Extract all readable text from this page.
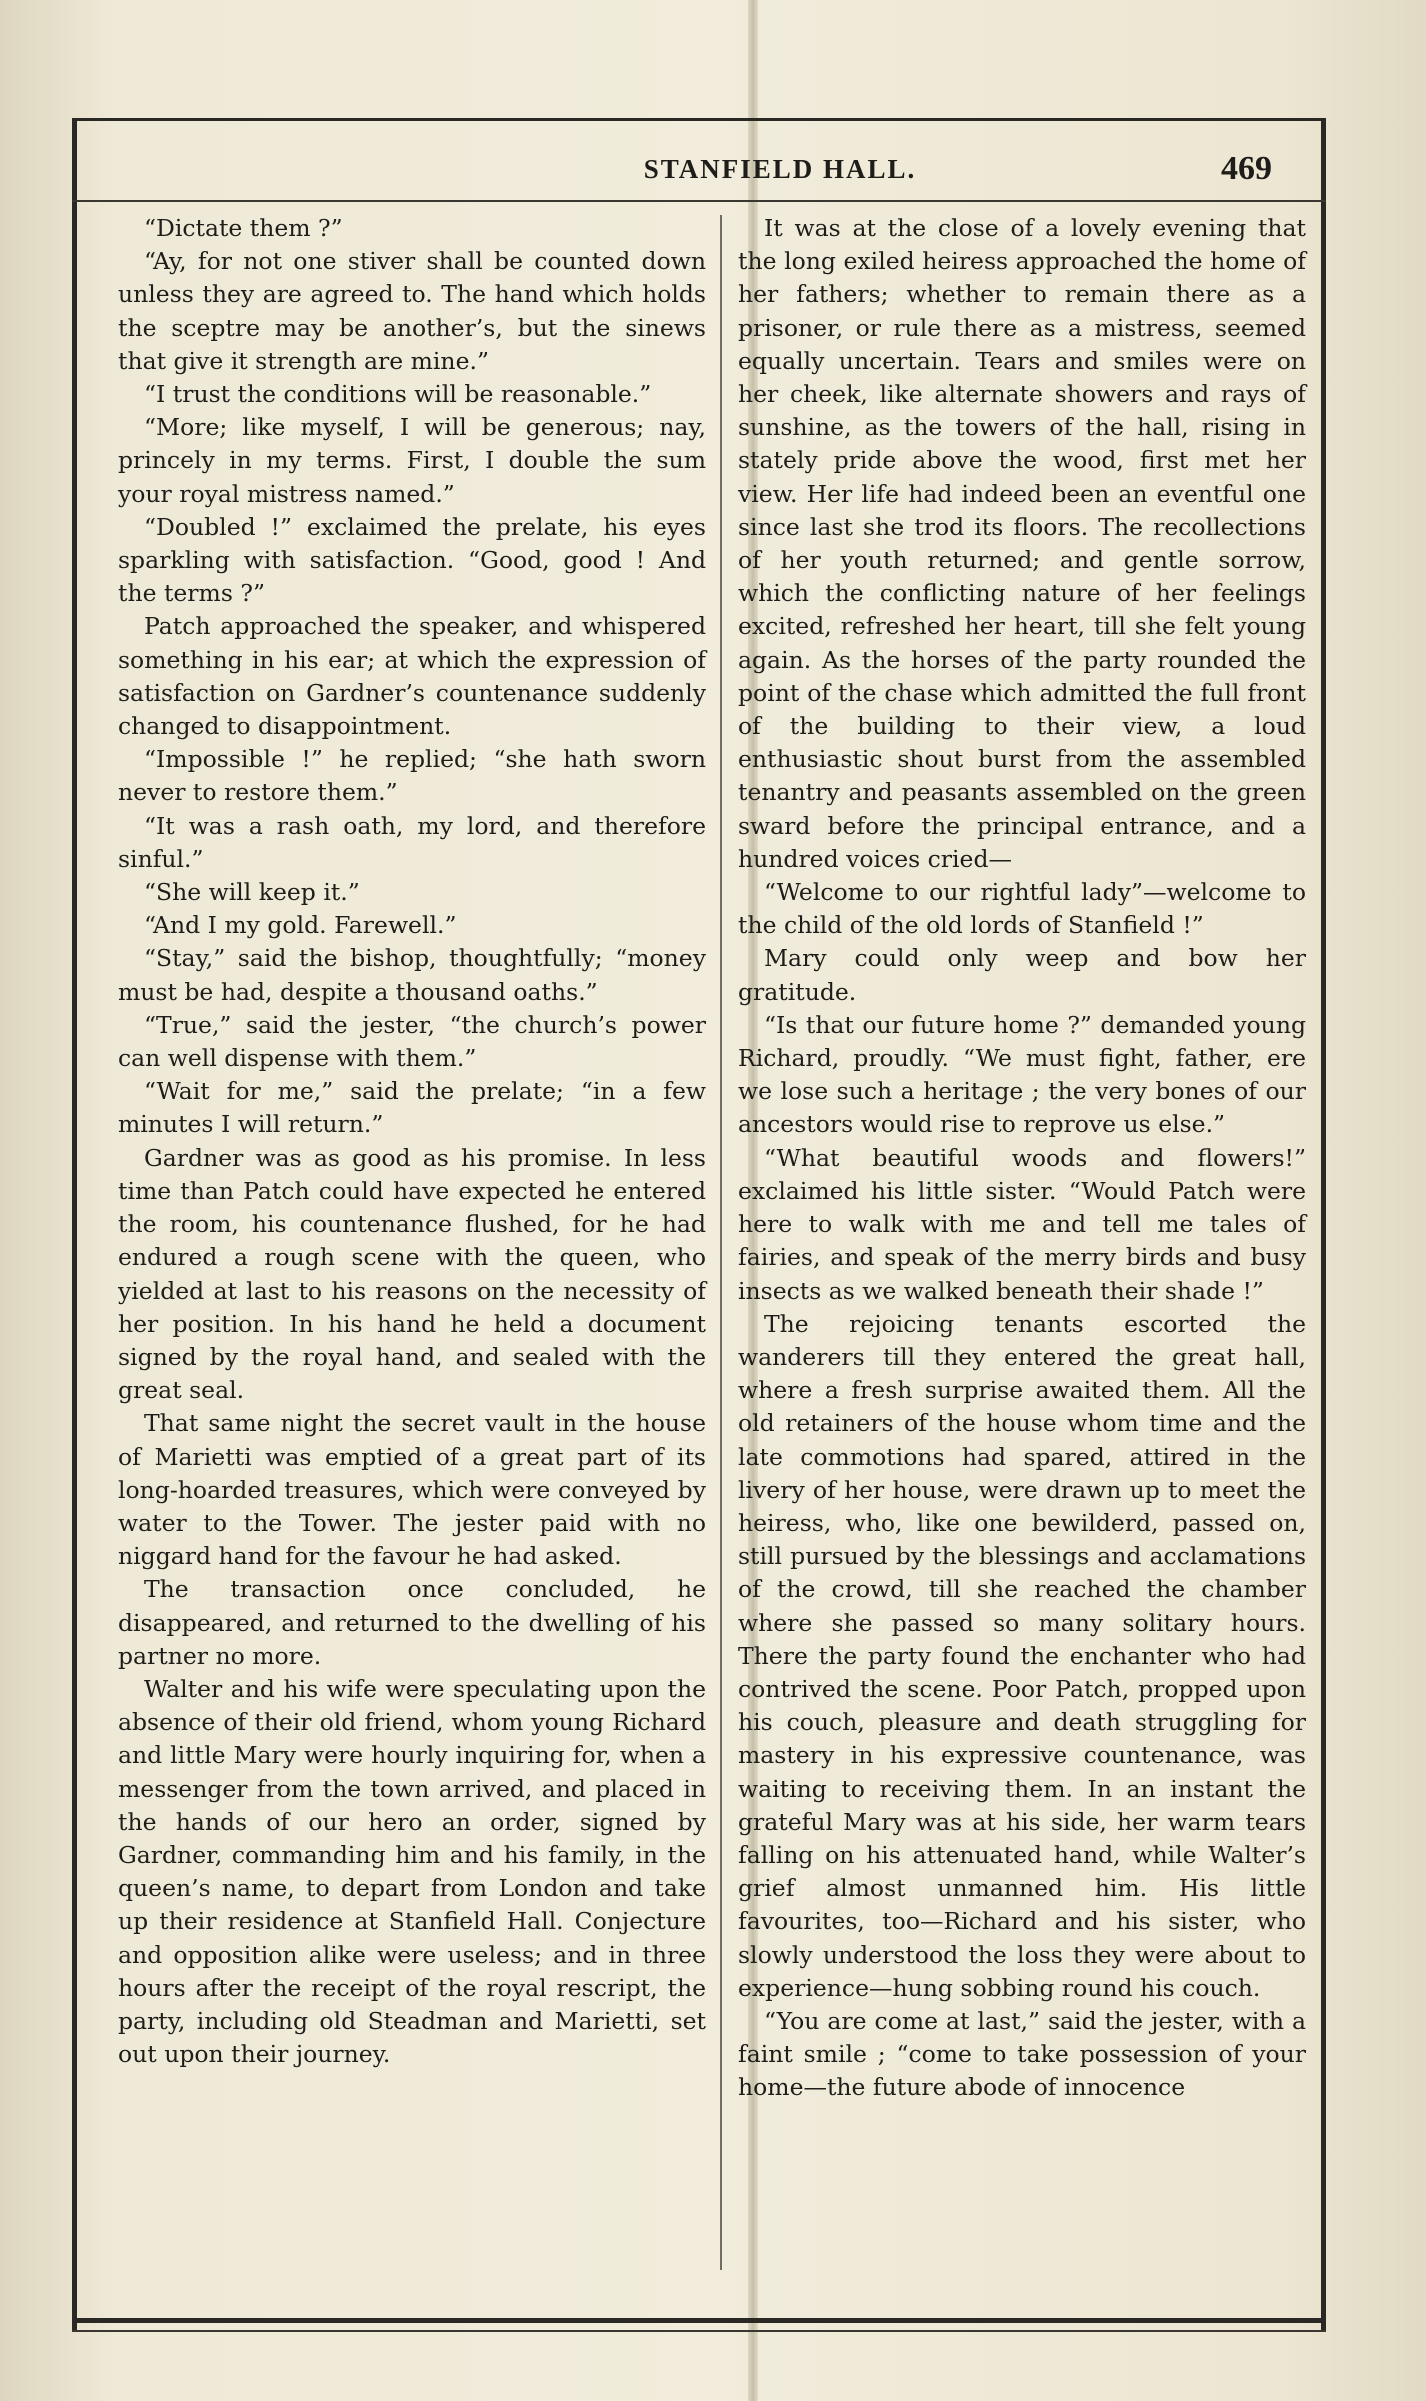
STANFIELD HALL.	469

“Dictate them ?”

“Ay, for not one stiver shall be counted down unless they are agreed to. The hand which holds the sceptre may be another’s, but the sinews that give it strength are mine.”

“I trust the conditions will be reasonable.”

“More; like myself, I will be generous; nay, princely in my terms. First, I double the sum your royal mistress named.”

“Doubled !” exclaimed the prelate, his eyes sparkling with satisfaction. “Good, good ! And the terms ?”

Patch approached the speaker, and whispered something in his ear; at which the expression of satisfaction on Gardner’s countenance suddenly changed to disappointment.

“Impossible !” he replied; “she hath sworn never to restore them.”

“It was a rash oath, my lord, and therefore sinful.”

“She will keep it.”

“And I my gold. Farewell.”

“Stay,” said the bishop, thoughtfully; “money must be had, despite a thousand oaths.”

“True,” said the jester, “the church’s power can well dispense with them.”

“Wait for me,” said the prelate; “in a few minutes I will return.”

Gardner was as good as his promise. In less time than Patch could have expected he entered the room, his countenance flushed, for he had endured a rough scene with the queen, who yielded at last to his reasons on the necessity of her position. In his hand he held a document signed by the royal hand, and sealed with the great seal.

That same night the secret vault in the house of Marietti was emptied of a great part of its long-hoarded treasures, which were conveyed by water to the Tower. The jester paid with no niggard hand for the favour he had asked.

The transaction once concluded, he disappeared, and returned to the dwelling of his partner no more.

Walter and his wife were speculating upon the absence of their old friend, whom young Richard and little Mary were hourly inquiring for, when a messenger from the town arrived, and placed in the hands of our hero an order, signed by Gardner, commanding him and his family, in the queen’s name, to depart from London and take up their residence at Stanfield Hall. Conjecture and opposition alike were useless; and in three hours after the receipt of the royal rescript, the party, including old Steadman and Marietti, set out upon their journey.

It was at the close of a lovely evening that the long exiled heiress approached the home of her fathers; whether to remain there as a prisoner, or rule there as a mistress, seemed equally uncertain. Tears and smiles were on her cheek, like alternate showers and rays of sunshine, as the towers of the hall, rising in stately pride above the wood, first met her view. Her life had indeed been an eventful one since last she trod its floors. The recollections of her youth returned; and gentle sorrow, which the conflicting nature of her feelings excited, refreshed her heart, till she felt young again. As the horses of the party rounded the point of the chase which admitted the full front of the building to their view, a loud enthusiastic shout burst from the assembled tenantry and peasants assembled on the green sward before the principal entrance, and a hundred voices cried—

“Welcome to our rightful lady”—welcome to the child of the old lords of Stanfield !”

Mary could only weep and bow her gratitude.

“Is that our future home ?” demanded young Richard, proudly. “We must fight, father, ere we lose such a heritage ; the very bones of our ancestors would rise to reprove us else.”

“What beautiful woods and flowers!” exclaimed his little sister. “Would Patch were here to walk with me and tell me tales of fairies, and speak of the merry birds and busy insects as we walked beneath their shade !”

The rejoicing tenants escorted the wanderers till they entered the great hall, where a fresh surprise awaited them. All the old retainers of the house whom time and the late commotions had spared, attired in the livery of her house, were drawn up to meet the heiress, who, like one bewilderd, passed on, still pursued by the blessings and acclamations of the crowd, till she reached the chamber where she passed so many solitary hours. There the party found the enchanter who had contrived the scene. Poor Patch, propped upon his couch, pleasure and death struggling for mastery in his expressive countenance, was waiting to receiving them. In an instant the grateful Mary was at his side, her warm tears falling on his attenuated hand, while Walter’s grief almost unmanned him. His little favourites, too—Richard and his sister, who slowly understood the loss they were about to experience—hung sobbing round his couch.

“You are come at last,” said the jester, with a faint smile ; “come to take possession of your home—the future abode of innocence
